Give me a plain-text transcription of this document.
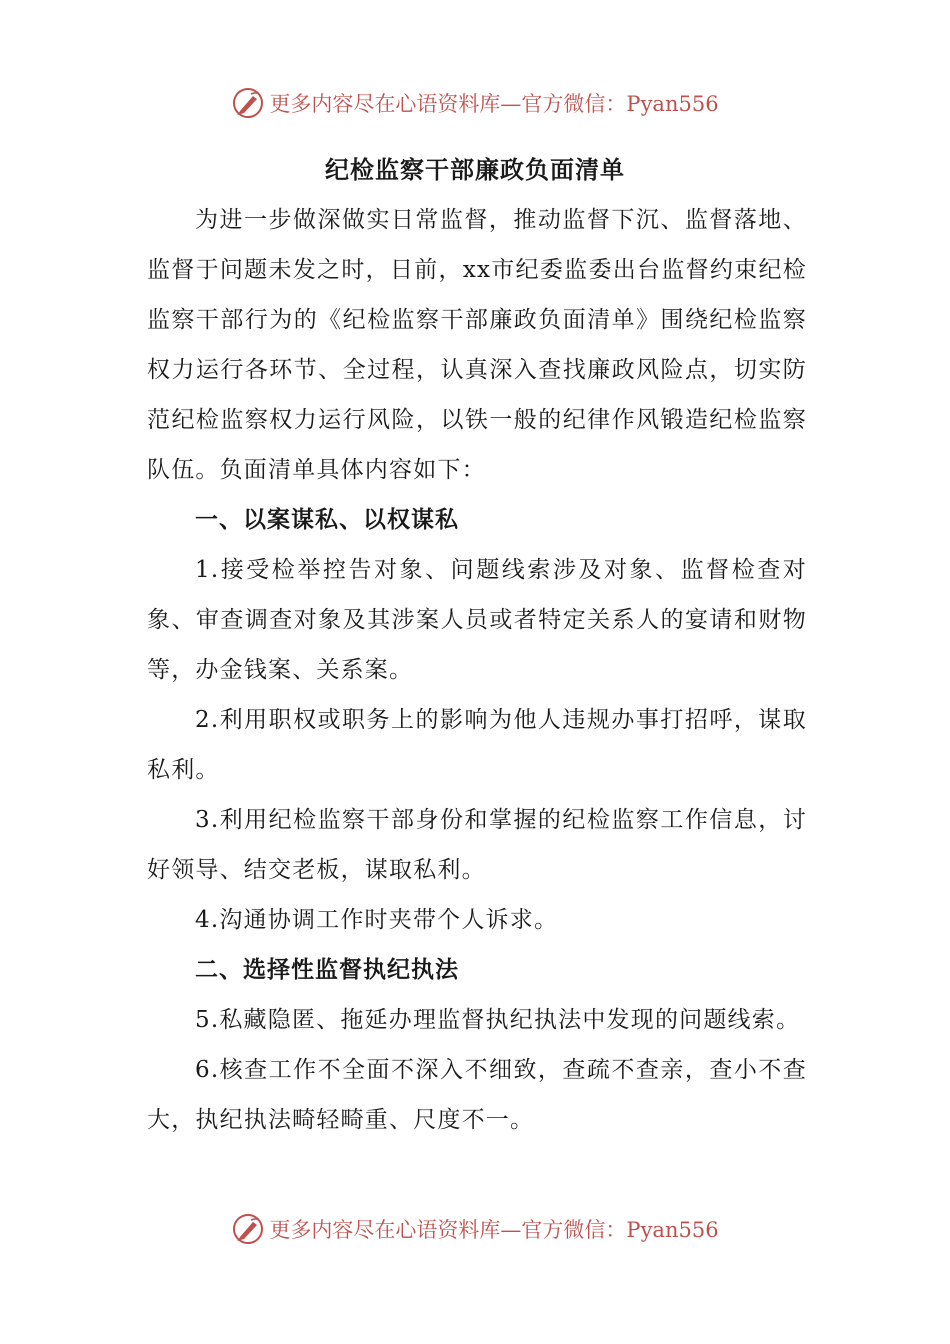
更多内容尽在心语资料库—官方微信：Pyan556
纪检监察干部廉政负面清单

为进一步做深做实日常监督，推动监督下沉、监督落地、监督于问题未发之时，日前，xx市纪委监委出台监督约束纪检监察干部行为的《纪检监察干部廉政负面清单》围绕纪检监察权力运行各环节、全过程，认真深入查找廉政风险点，切实防范纪检监察权力运行风险，以铁一般的纪律作风锻造纪检监察队伍。负面清单具体内容如下：

一、以案谋私、以权谋私

1.接受检举控告对象、问题线索涉及对象、监督检查对象、审查调查对象及其涉案人员或者特定关系人的宴请和财物等，办金钱案、关系案。

2.利用职权或职务上的影响为他人违规办事打招呼，谋取私利。

3.利用纪检监察干部身份和掌握的纪检监察工作信息，讨好领导、结交老板，谋取私利。

4.沟通协调工作时夹带个人诉求。

二、选择性监督执纪执法

5.私藏隐匿、拖延办理监督执纪执法中发现的问题线索。

6.核查工作不全面不深入不细致，查疏不查亲，查小不查大，执纪执法畸轻畸重、尺度不一。

更多内容尽在心语资料库—官方微信：Pyan556
